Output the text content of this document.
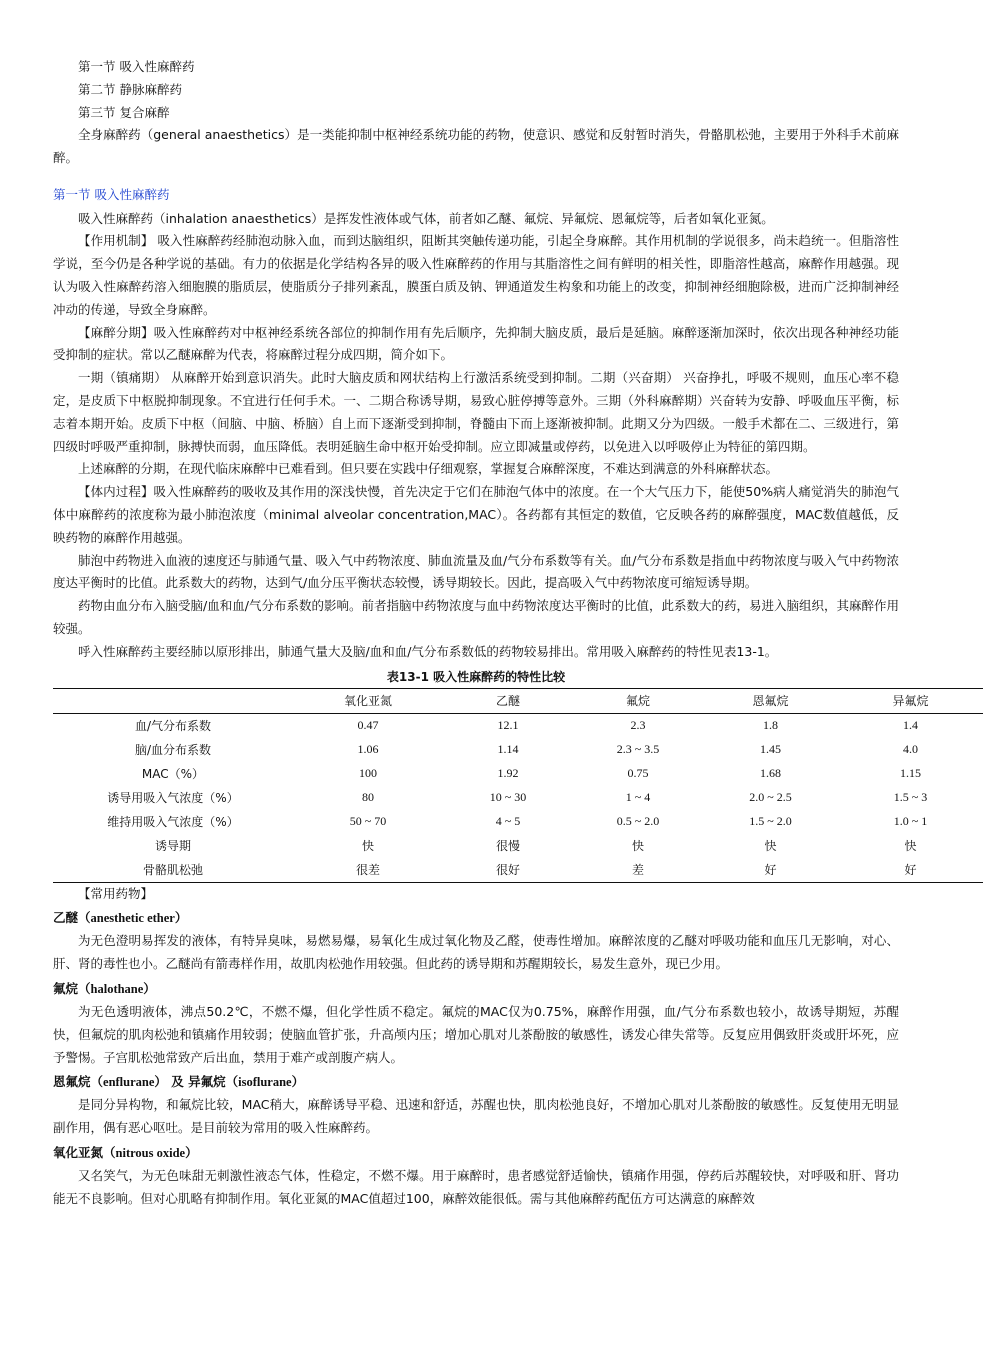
第一节 吸入性麻醉药
第二节 静脉麻醉药
第三节 复合麻醉

全身麻醉药（general anaesthetics）是一类能抑制中枢神经系统功能的药物，使意识、感觉和反射暂时消失，骨骼肌松弛，主要用于外科手术前麻醉。

第一节 吸入性麻醉药

吸入性麻醉药（inhalation anaesthetics）是挥发性液体或气体，前者如乙醚、氟烷、异氟烷、恩氟烷等，后者如氧化亚氮。

【作用机制】 吸入性麻醉药经肺泡动脉入血，而到达脑组织，阻断其突触传递功能，引起全身麻醉。其作用机制的学说很多，尚未趋统一。但脂溶性学说，至今仍是各种学说的基础。有力的依据是化学结构各异的吸入性麻醉药的作用与其脂溶性之间有鲜明的相关性，即脂溶性越高，麻醉作用越强。现认为吸入性麻醉药溶入细胞膜的脂质层，使脂质分子排列紊乱，膜蛋白质及钠、钾通道发生构象和功能上的改变，抑制神经细胞除极，进而广泛抑制神经冲动的传递，导致全身麻醉。

【麻醉分期】吸入性麻醉药对中枢神经系统各部位的抑制作用有先后顺序，先抑制大脑皮质，最后是延脑。麻醉逐渐加深时，依次出现各种神经功能受抑制的症状。常以乙醚麻醉为代表，将麻醉过程分成四期，简介如下。

一期（镇痛期） 从麻醉开始到意识消失。此时大脑皮质和网状结构上行激活系统受到抑制。二期（兴奋期） 兴奋挣扎，呼吸不规则，血压心率不稳定，是皮质下中枢脱抑制现象。不宜进行任何手术。一、二期合称诱导期，易致心脏停搏等意外。三期（外科麻醉期）兴奋转为安静、呼吸血压平衡，标志着本期开始。皮质下中枢（间脑、中脑、桥脑）自上而下逐渐受到抑制，脊髓由下而上逐渐被抑制。此期又分为四级。一般手术都在二、三级进行，第四级时呼吸严重抑制，脉搏快而弱，血压降低。表明延脑生命中枢开始受抑制。应立即减量或停药，以免进入以呼吸停止为特征的第四期。

上述麻醉的分期，在现代临床麻醉中已难看到。但只要在实践中仔细观察，掌握复合麻醉深度，不难达到满意的外科麻醉状态。

【体内过程】吸入性麻醉药的吸收及其作用的深浅快慢，首先决定于它们在肺泡气体中的浓度。在一个大气压力下，能使50%病人痛觉消失的肺泡气体中麻醉药的浓度称为最小肺泡浓度（minimal alveolar concentration,MAC）。各药都有其恒定的数值，它反映各药的麻醉强度，MAC数值越低，反映药物的麻醉作用越强。

肺泡中药物进入血液的速度还与肺通气量、吸入气中药物浓度、肺血流量及血/气分布系数等有关。血/气分布系数是指血中药物浓度与吸入气中药物浓度达平衡时的比值。此系数大的药物，达到气/血分压平衡状态较慢，诱导期较长。因此，提高吸入气中药物浓度可缩短诱导期。

药物由血分布入脑受脑/血和血/气分布系数的影响。前者指脑中药物浓度与血中药物浓度达平衡时的比值，此系数大的药，易进入脑组织，其麻醉作用较强。

呼入性麻醉药主要经肺以原形排出，肺通气量大及脑/血和血/气分布系数低的药物较易排出。常用吸入麻醉药的特性见表13-1。

表13-1 吸入性麻醉药的特性比较
	氧化亚氮	乙醚	氟烷	恩氟烷	异氟烷
血/气分布系数	0.47	12.1	2.3	1.8	1.4
脑/血分布系数	1.06	1.14	2.3 ~ 3.5	1.45	4.0
MAC（%）	100	1.92	0.75	1.68	1.15
诱导用吸入气浓度（%）	80	10 ~ 30	1 ~ 4	2.0 ~ 2.5	1.5 ~ 3
维持用吸入气浓度（%）	50 ~ 70	4 ~ 5	0.5 ~ 2.0	1.5 ~ 2.0	1.0 ~ 1
诱导期	快	很慢	快	快	快
骨骼肌松弛	很差	很好	差	好	好

【常用药物】

乙醚（anesthetic ether）

为无色澄明易挥发的液体，有特异臭味，易燃易爆，易氧化生成过氧化物及乙醛，使毒性增加。麻醉浓度的乙醚对呼吸功能和血压几无影响，对心、肝、肾的毒性也小。乙醚尚有箭毒样作用，故肌肉松弛作用较强。但此药的诱导期和苏醒期较长，易发生意外，现已少用。

氟烷（halothane）

为无色透明液体，沸点50.2℃，不燃不爆，但化学性质不稳定。氟烷的MAC仅为0.75%，麻醉作用强，血/气分布系数也较小，故诱导期短，苏醒快，但氟烷的肌肉松弛和镇痛作用较弱；使脑血管扩张，升高颅内压；增加心肌对儿茶酚胺的敏感性，诱发心律失常等。反复应用偶致肝炎或肝坏死，应予警惕。子宫肌松弛常致产后出血，禁用于难产或剖腹产病人。

恩氟烷（enflurane） 及 异氟烷（isoflurane）

是同分异构物，和氟烷比较，MAC稍大，麻醉诱导平稳、迅速和舒适，苏醒也快，肌肉松弛良好，不增加心肌对儿茶酚胺的敏感性。反复使用无明显副作用，偶有恶心呕吐。是目前较为常用的吸入性麻醉药。

氧化亚氮（nitrous oxide）

又名笑气，为无色味甜无刺激性液态气体，性稳定，不燃不爆。用于麻醉时，患者感觉舒适愉快，镇痛作用强，停药后苏醒较快，对呼吸和肝、肾功能无不良影响。但对心肌略有抑制作用。氧化亚氮的MAC值超过100，麻醉效能很低。需与其他麻醉药配伍方可达满意的麻醉效
